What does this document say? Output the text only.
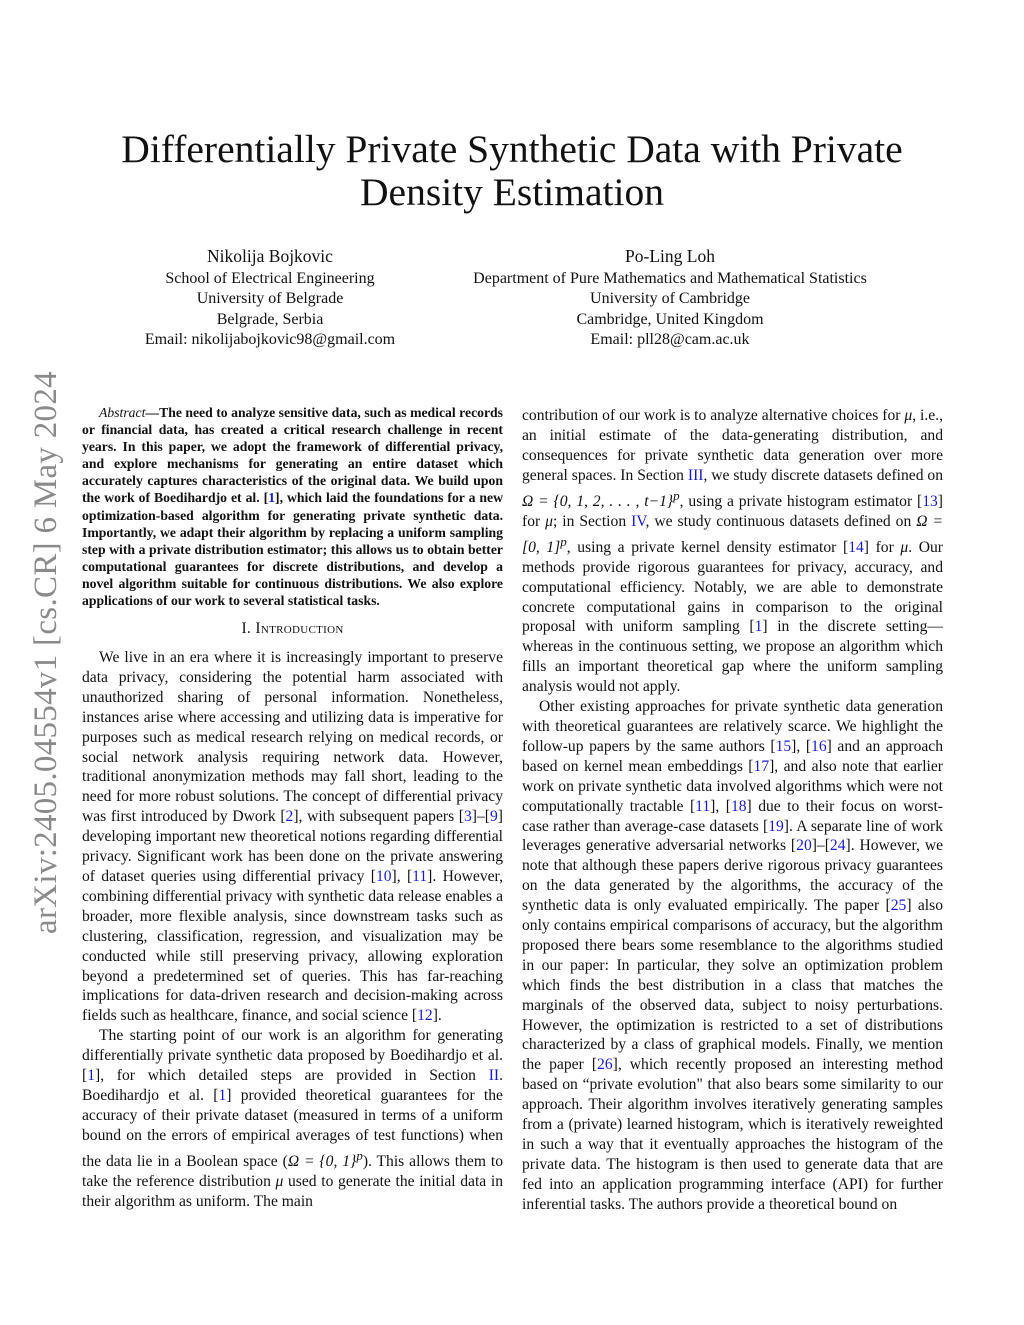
arXiv:2405.04554v1 [cs.CR] 6 May 2024
Differentially Private Synthetic Data with Private Density Estimation
Nikolija Bojkovic
School of Electrical Engineering
University of Belgrade
Belgrade, Serbia
Email: nikolijabojkovic98@gmail.com
Po-Ling Loh
Department of Pure Mathematics and Mathematical Statistics
University of Cambridge
Cambridge, United Kingdom
Email: pll28@cam.ac.uk

Abstract—The need to analyze sensitive data, such as medical records or financial data, has created a critical research challenge in recent years. In this paper, we adopt the framework of differential privacy, and explore mechanisms for generating an entire dataset which accurately captures characteristics of the original data. We build upon the work of Boedihardjo et al. [1], which laid the foundations for a new optimization-based algorithm for generating private synthetic data. Importantly, we adapt their algorithm by replacing a uniform sampling step with a private distribution estimator; this allows us to obtain better computational guarantees for discrete distributions, and develop a novel algorithm suitable for continuous distributions. We also explore applications of our work to several statistical tasks.

I. Introduction

We live in an era where it is increasingly important to preserve data privacy, considering the potential harm associated with unauthorized sharing of personal information. Nonetheless, instances arise where accessing and utilizing data is imperative for purposes such as medical research relying on medical records, or social network analysis requiring network data. However, traditional anonymization methods may fall short, leading to the need for more robust solutions. The concept of differential privacy was first introduced by Dwork [2], with subsequent papers [3]–[9] developing important new theoretical notions regarding differential privacy. Significant work has been done on the private answering of dataset queries using differential privacy [10], [11]. However, combining differential privacy with synthetic data release enables a broader, more flexible analysis, since downstream tasks such as clustering, classification, regression, and visualization may be conducted while still preserving privacy, allowing exploration beyond a predetermined set of queries. This has far-reaching implications for data-driven research and decision-making across fields such as healthcare, finance, and social science [12].

The starting point of our work is an algorithm for generating differentially private synthetic data proposed by Boedihardjo et al. [1], for which detailed steps are provided in Section II. Boedihardjo et al. [1] provided theoretical guarantees for the accuracy of their private dataset (measured in terms of a uniform bound on the errors of empirical averages of test functions) when the data lie in a Boolean space (Ω = {0, 1}$^p$). This allows them to take the reference distribution μ used to generate the initial data in their algorithm as uniform. The main

contribution of our work is to analyze alternative choices for μ, i.e., an initial estimate of the data-generating distribution, and consequences for private synthetic data generation over more general spaces. In Section III, we study discrete datasets defined on Ω = {0, 1, 2, . . . , t−1}$^p$, using a private histogram estimator [13] for μ; in Section IV, we study continuous datasets defined on Ω = [0, 1]$^p$, using a private kernel density estimator [14] for μ. Our methods provide rigorous guarantees for privacy, accuracy, and computational efficiency. Notably, we are able to demonstrate concrete computational gains in comparison to the original proposal with uniform sampling [1] in the discrete setting—whereas in the continuous setting, we propose an algorithm which fills an important theoretical gap where the uniform sampling analysis would not apply.

Other existing approaches for private synthetic data generation with theoretical guarantees are relatively scarce. We highlight the follow-up papers by the same authors [15], [16] and an approach based on kernel mean embeddings [17], and also note that earlier work on private synthetic data involved algorithms which were not computationally tractable [11], [18] due to their focus on worst-case rather than average-case datasets [19]. A separate line of work leverages generative adversarial networks [20]–[24]. However, we note that although these papers derive rigorous privacy guarantees on the data generated by the algorithms, the accuracy of the synthetic data is only evaluated empirically. The paper [25] also only contains empirical comparisons of accuracy, but the algorithm proposed there bears some resemblance to the algorithms studied in our paper: In particular, they solve an optimization problem which finds the best distribution in a class that matches the marginals of the observed data, subject to noisy perturbations. However, the optimization is restricted to a set of distributions characterized by a class of graphical models. Finally, we mention the paper [26], which recently proposed an interesting method based on “private evolution" that also bears some similarity to our approach. Their algorithm involves iteratively generating samples from a (private) learned histogram, which is iteratively reweighted in such a way that it eventually approaches the histogram of the private data. The histogram is then used to generate data that are fed into an application programming interface (API) for further inferential tasks. The authors provide a theoretical bound on
